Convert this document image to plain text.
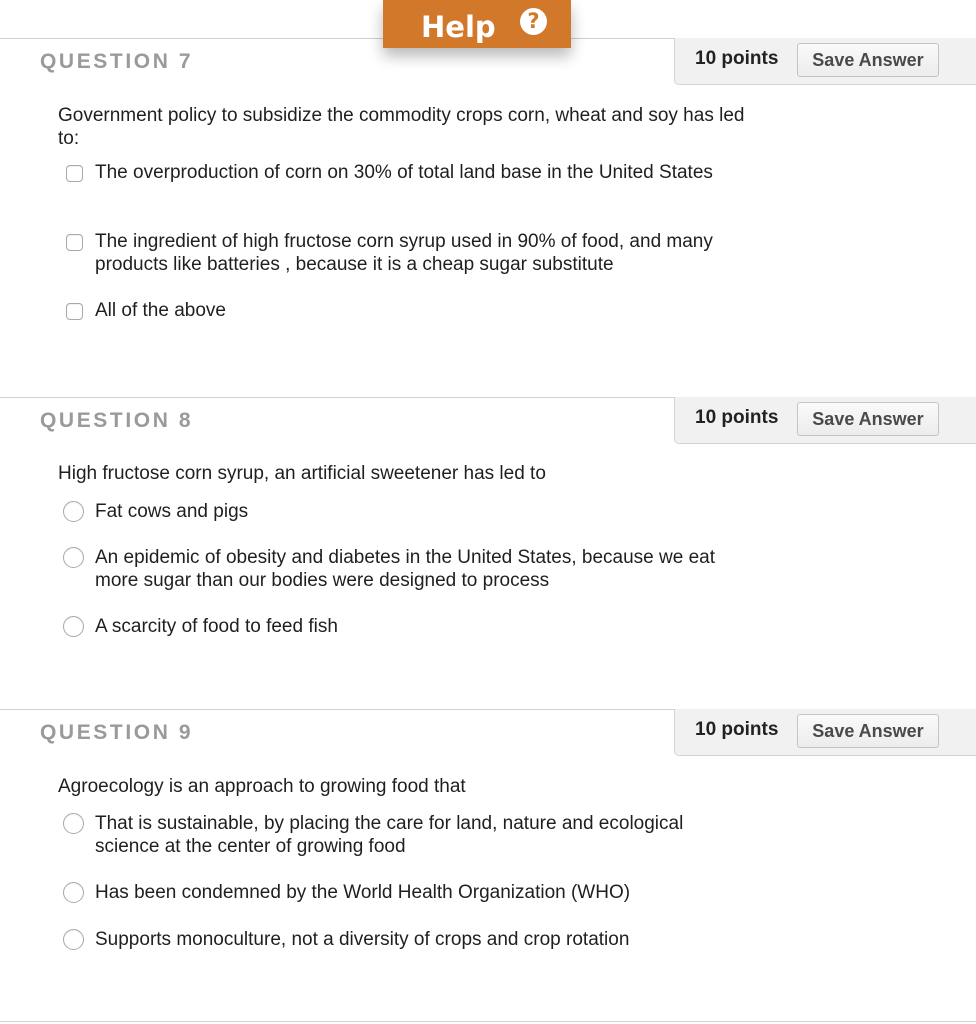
Help	?
QUESTION 7	10 points	Save Answer
Government policy to subsidize the commodity crops corn, wheat and soy has led to:
The overproduction of corn on 30% of total land base in the United States
The ingredient of high fructose corn syrup used in 90% of food, and many products like batteries , because it is a cheap sugar substitute
All of the above
QUESTION 8	10 points	Save Answer
High fructose corn syrup, an artificial sweetener has led to
Fat cows and pigs
An epidemic of obesity and diabetes in the United States, because we eat more sugar than our bodies were designed to process
A scarcity of food to feed fish
QUESTION 9	10 points	Save Answer
Agroecology is an approach to growing food that
That is sustainable, by placing the care for land, nature and ecological science at the center of growing food
Has been condemned by the World Health Organization (WHO)
Supports monoculture, not a diversity of crops and crop rotation
